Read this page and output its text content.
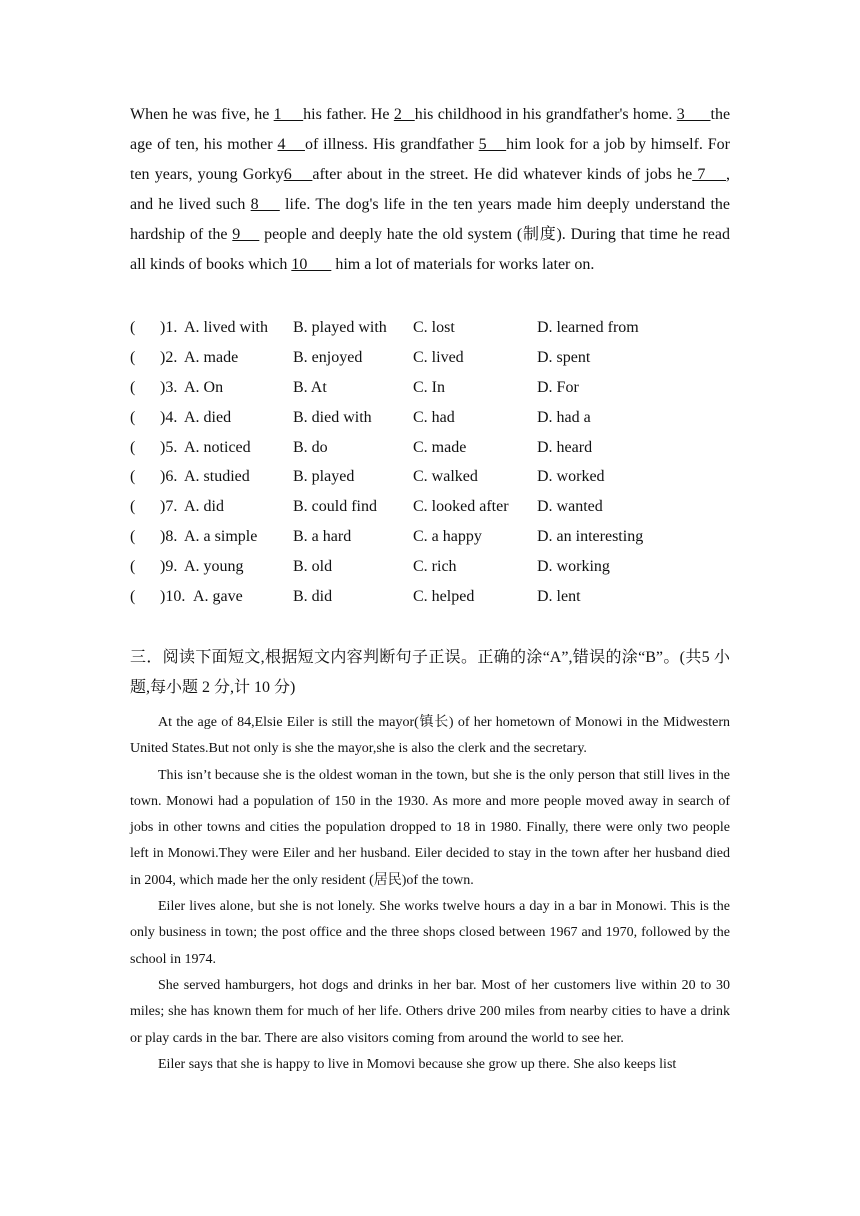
When he was five, he 1     his father. He 2   his childhood in his grandfather's home. 3      the age of ten, his mother 4    of illness. His grandfather 5    him look for a job by himself. For ten years, young Gorky6    after about in the street. He did whatever kinds of jobs he 7    , and he lived such 8     life. The dog's life in the ten years made him deeply understand the hardship of the 9     people and deeply hate the old system (制度). During that time he read all kinds of books which 10       him a lot of materials for works later on.

( )1. A. lived with B. played with C. lost	D. learned from
( )2. A. made	B. enjoyed	C. lived	D. spent
( )3. A. On	B. At	C. In	D. For
( )4. A. died	B. died with	C. had	D. had a
( )5. A. noticed	B. do	C. made	D. heard
( )6. A. studied	B. played	C. walked	D. worked
( )7. A. did	B. could find C. looked after D. wanted
( )8. A. a simple B. a hard	C. a happy	D. an interesting
( )9. A. young	B. old	C. rich	D. working
( )10. A. gave	B. did	C. helped	D. lent
三．阅读下面短文,根据短文内容判断句子正误。正确的涂“A”,错误的涂“B”。(共5 小题,每小题 2 分,计 10 分)

At the age of 84,Elsie Eiler is still the mayor(镇长) of her hometown of Monowi in the Midwestern United States.But not only is she the mayor,she is also the clerk and the secretary.

This isn’t because she is the oldest woman in the town, but she is the only person that still lives in the town. Monowi had a population of 150 in the 1930. As more and more people moved away in search of jobs in other towns and cities the population dropped to 18 in 1980. Finally, there were only two people left in Monowi.They were Eiler and her husband. Eiler decided to stay in the town after her husband died in 2004, which made her the only resident (居民)of the town.

Eiler lives alone, but she is not lonely. She works twelve hours a day in a bar in Monowi. This is the only business in town; the post office and the three shops closed between 1967 and 1970, followed by the school in 1974.

She served hamburgers, hot dogs and drinks in her bar. Most of her customers live within 20 to 30 miles; she has known them for much of her life. Others drive 200 miles from nearby cities to have a drink or play cards in the bar. There are also visitors coming from around the world to see her.

Eiler says that she is happy to live in Momovi because she grow up there. She also keeps list
